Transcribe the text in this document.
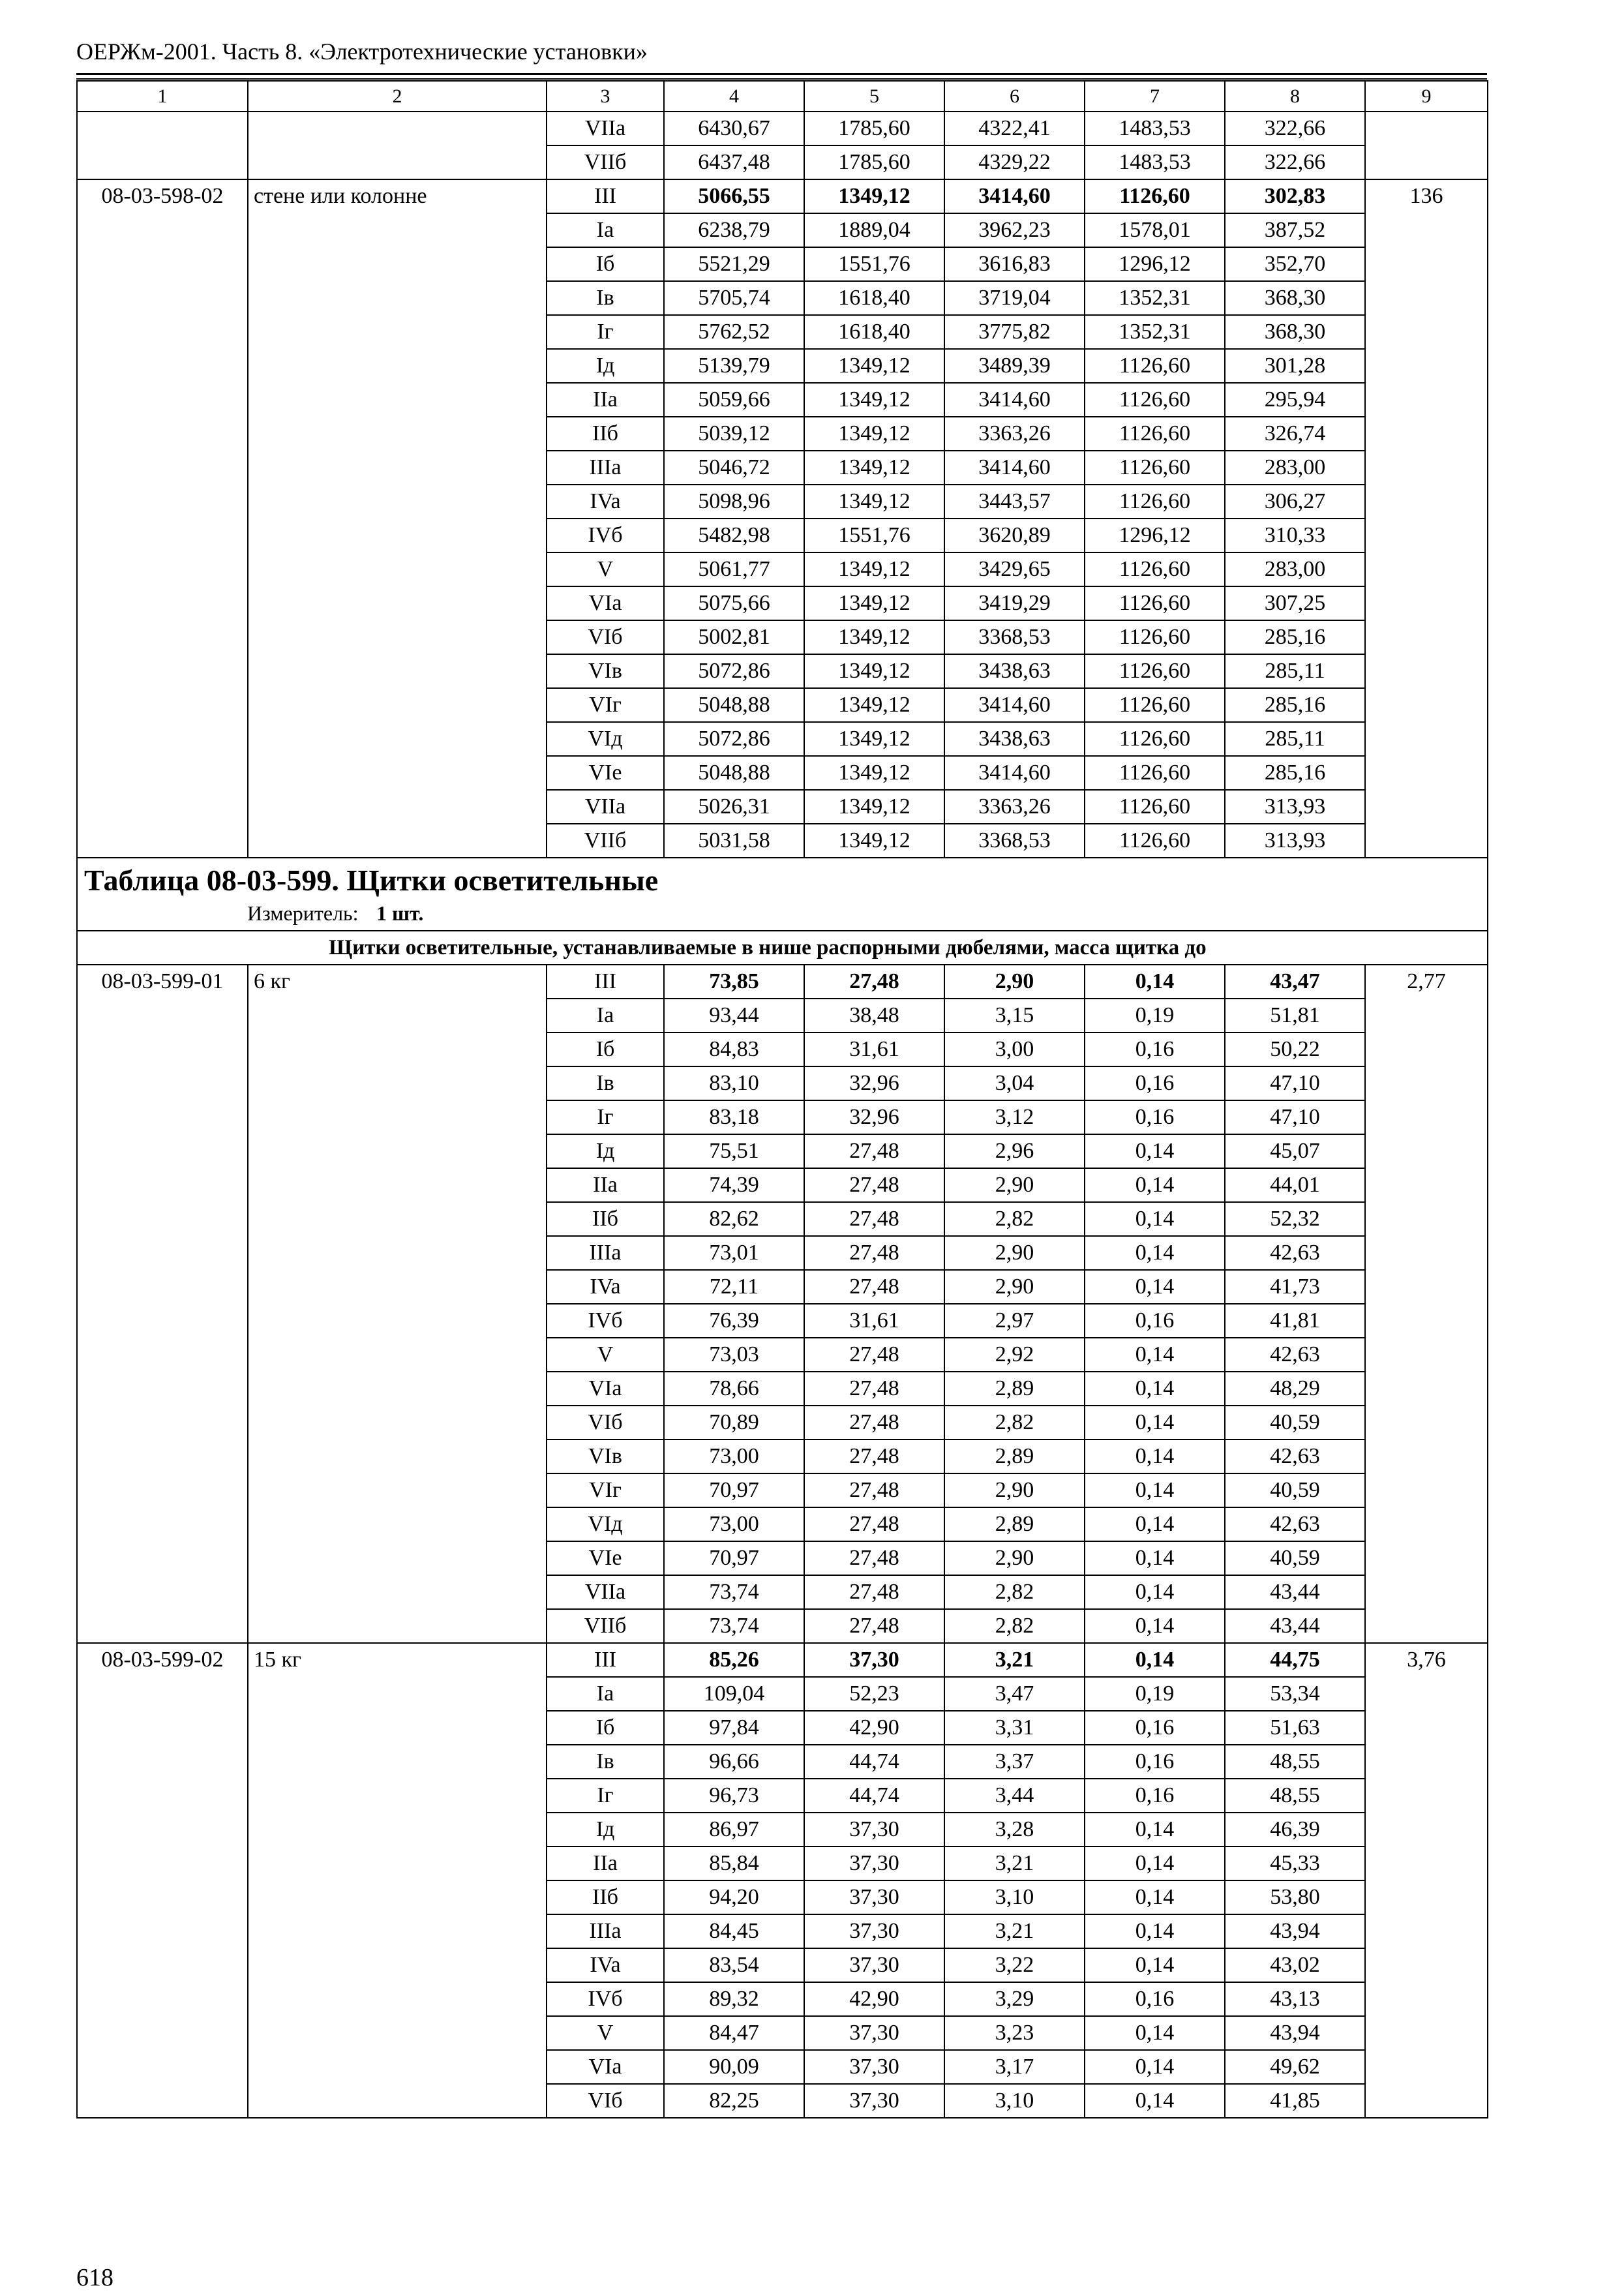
ОЕРЖм-2001. Часть 8. «Электротехнические установки»
1	2	3	4	5	6	7	8	9
		VIIa	6430,67	1785,60	4322,41	1483,53	322,66	
		VIIб	6437,48	1785,60	4329,22	1483,53	322,66	
08-03-598-02	стене или колонне	III	5066,55	1349,12	3414,60	1126,60	302,83	136
		Ia	6238,79	1889,04	3962,23	1578,01	387,52	
		Iб	5521,29	1551,76	3616,83	1296,12	352,70	
		Iв	5705,74	1618,40	3719,04	1352,31	368,30	
		Iг	5762,52	1618,40	3775,82	1352,31	368,30	
		Iд	5139,79	1349,12	3489,39	1126,60	301,28	
		IIa	5059,66	1349,12	3414,60	1126,60	295,94	
		IIб	5039,12	1349,12	3363,26	1126,60	326,74	
		IIIa	5046,72	1349,12	3414,60	1126,60	283,00	
		IVa	5098,96	1349,12	3443,57	1126,60	306,27	
		IVб	5482,98	1551,76	3620,89	1296,12	310,33	
		V	5061,77	1349,12	3429,65	1126,60	283,00	
		VIa	5075,66	1349,12	3419,29	1126,60	307,25	
		VIб	5002,81	1349,12	3368,53	1126,60	285,16	
		VIв	5072,86	1349,12	3438,63	1126,60	285,11	
		VIг	5048,88	1349,12	3414,60	1126,60	285,16	
		VIд	5072,86	1349,12	3438,63	1126,60	285,11	
		VIe	5048,88	1349,12	3414,60	1126,60	285,16	
		VIIa	5026,31	1349,12	3363,26	1126,60	313,93	
		VIIб	5031,58	1349,12	3368,53	1126,60	313,93	

Таблица 08-03-599. Щитки осветительные
Измеритель: 1 шт.								

Щитки осветительные, устанавливаемые в нише распорными дюбелями, масса щитка до								
08-03-599-01	6 кг	III	73,85	27,48	2,90	0,14	43,47	2,77
		Ia	93,44	38,48	3,15	0,19	51,81	
		Iб	84,83	31,61	3,00	0,16	50,22	
		Iв	83,10	32,96	3,04	0,16	47,10	
		Iг	83,18	32,96	3,12	0,16	47,10	
		Iд	75,51	27,48	2,96	0,14	45,07	
		IIa	74,39	27,48	2,90	0,14	44,01	
		IIб	82,62	27,48	2,82	0,14	52,32	
		IIIa	73,01	27,48	2,90	0,14	42,63	
		IVa	72,11	27,48	2,90	0,14	41,73	
		IVб	76,39	31,61	2,97	0,16	41,81	
		V	73,03	27,48	2,92	0,14	42,63	
		VIa	78,66	27,48	2,89	0,14	48,29	
		VIб	70,89	27,48	2,82	0,14	40,59	
		VIв	73,00	27,48	2,89	0,14	42,63	
		VIг	70,97	27,48	2,90	0,14	40,59	
		VIд	73,00	27,48	2,89	0,14	42,63	
		VIe	70,97	27,48	2,90	0,14	40,59	
		VIIa	73,74	27,48	2,82	0,14	43,44	
		VIIб	73,74	27,48	2,82	0,14	43,44	
08-03-599-02	15 кг	III	85,26	37,30	3,21	0,14	44,75	3,76
		Ia	109,04	52,23	3,47	0,19	53,34	
		Iб	97,84	42,90	3,31	0,16	51,63	
		Iв	96,66	44,74	3,37	0,16	48,55	
		Iг	96,73	44,74	3,44	0,16	48,55	
		Iд	86,97	37,30	3,28	0,14	46,39	
		IIa	85,84	37,30	3,21	0,14	45,33	
		IIб	94,20	37,30	3,10	0,14	53,80	
		IIIa	84,45	37,30	3,21	0,14	43,94	
		IVa	83,54	37,30	3,22	0,14	43,02	
		IVб	89,32	42,90	3,29	0,16	43,13	
		V	84,47	37,30	3,23	0,14	43,94	
		VIa	90,09	37,30	3,17	0,14	49,62	
		VIб	82,25	37,30	3,10	0,14	41,85	
618
